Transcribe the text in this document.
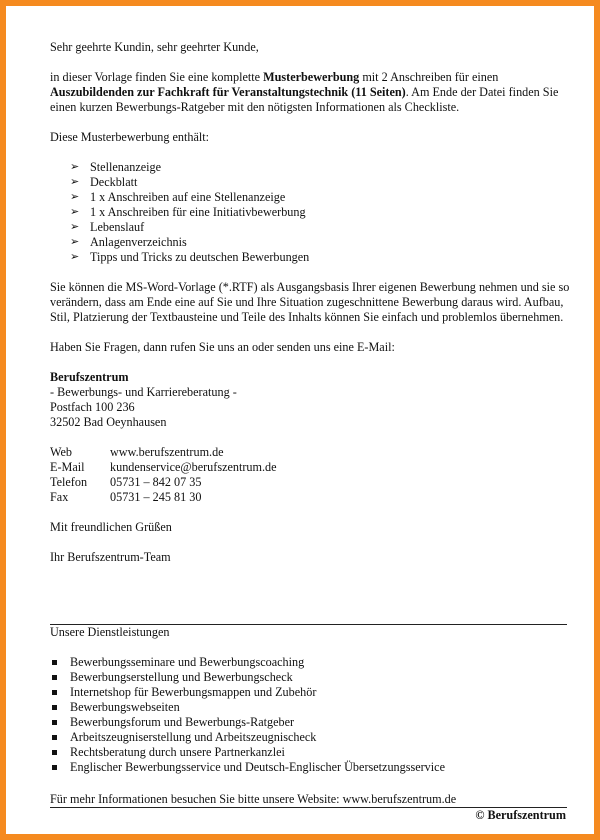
Sehr geehrte Kundin, sehr geehrter Kunde,

in dieser Vorlage finden Sie eine komplette Musterbewerbung mit 2 Anschreiben für einen Auszubildenden zur Fachkraft für Veranstaltungstechnik (11 Seiten). Am Ende der Datei finden Sie einen kurzen Bewerbungs-Ratgeber mit den nötigsten Informationen als Checkliste.

Diese Musterbewerbung enthält:

➢ Stellenanzeige
➢ Deckblatt
➢ 1 x Anschreiben auf eine Stellenanzeige
➢ 1 x Anschreiben für eine Initiativbewerbung
➢ Lebenslauf
➢ Anlagenverzeichnis
➢ Tipps und Tricks zu deutschen Bewerbungen

Sie können die MS-Word-Vorlage (*.RTF) als Ausgangsbasis Ihrer eigenen Bewerbung nehmen und sie so verändern, dass am Ende eine auf Sie und Ihre Situation zugeschnittene Bewerbung daraus wird. Aufbau, Stil, Platzierung der Textbausteine und Teile des Inhalts können Sie einfach und problemlos übernehmen.

Haben Sie Fragen, dann rufen Sie uns an oder senden uns eine E-Mail:

Berufszentrum

- Bewerbungs- und Karriereberatung -

Postfach 100 236

32502 Bad Oeynhausen

Web	www.berufszentrum.de
E-Mail	kundenservice@berufszentrum.de
Telefon	05731 – 842 07 35
Fax	05731 – 245 81 30

Mit freundlichen Grüßen

Ihr Berufszentrum-Team

Unsere Dienstleistungen

Bewerbungsseminare und Bewerbungscoaching
Bewerbungserstellung und Bewerbungscheck
Internetshop für Bewerbungsmappen und Zubehör
Bewerbungswebseiten
Bewerbungsforum und Bewerbungs-Ratgeber
Arbeitszeugniserstellung und Arbeitszeugnischeck
Rechtsberatung durch unsere Partnerkanzlei
Englischer Bewerbungsservice und Deutsch-Englischer Übersetzungsservice

Für mehr Informationen besuchen Sie bitte unsere Website: www.berufszentrum.de

© Berufszentrum
